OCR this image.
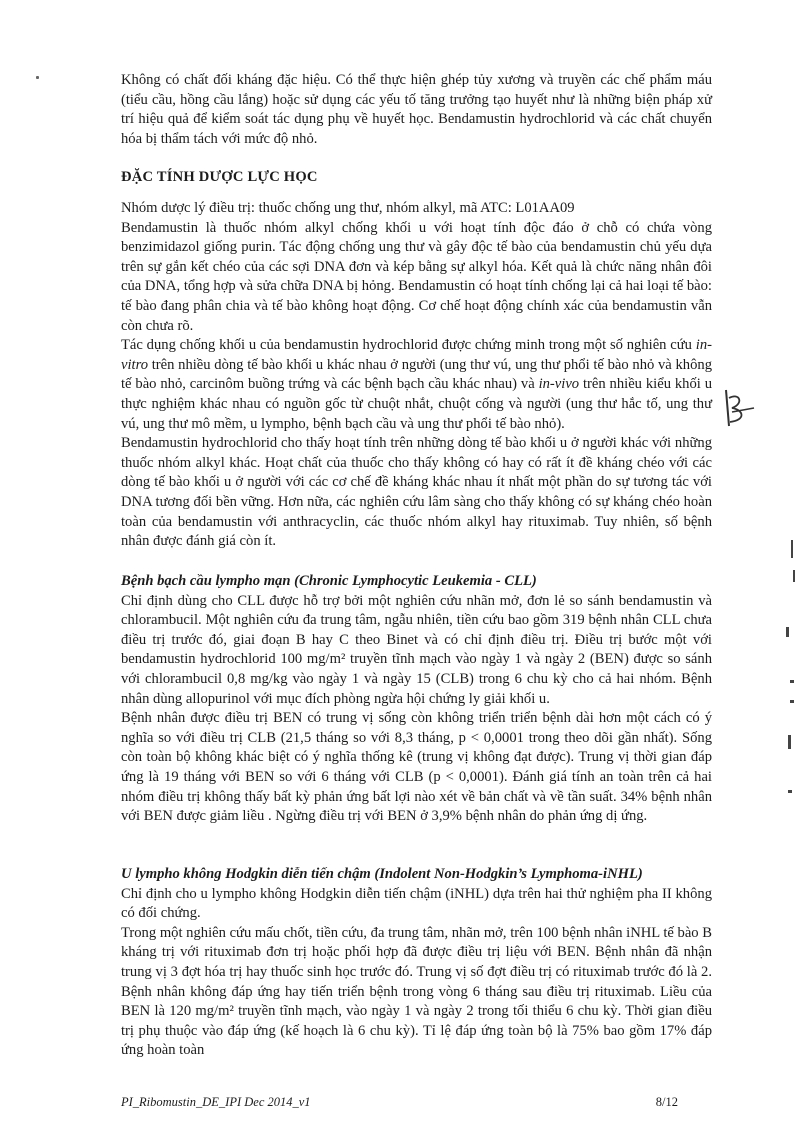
Không có chất đối kháng đặc hiệu. Có thể thực hiện ghép tủy xương và truyền các chế phẩm máu (tiểu cầu, hồng cầu lắng) hoặc sử dụng các yếu tố tăng trưởng tạo huyết như là những biện pháp xử trí hiệu quả để kiểm soát tác dụng phụ về huyết học. Bendamustin hydrochlorid và các chất chuyển hóa bị thẩm tách với mức độ nhỏ.

ĐẶC TÍNH DƯỢC LỰC HỌC

Nhóm dược lý điều trị: thuốc chống ung thư, nhóm alkyl, mã ATC: L01AA09

Bendamustin là thuốc nhóm alkyl chống khối u với hoạt tính độc đáo ở chỗ có chứa vòng benzimidazol giống purin. Tác động chống ung thư và gây độc tế bào của bendamustin chủ yếu dựa trên sự gắn kết chéo của các sợi DNA đơn và kép bằng sự alkyl hóa. Kết quả là chức năng nhân đôi của DNA, tổng hợp và sửa chữa DNA bị hỏng. Bendamustin có hoạt tính chống lại cả hai loại tế bào: tế bào đang phân chia và tế bào không hoạt động. Cơ chế hoạt động chính xác của bendamustin vẫn còn chưa rõ.

Tác dụng chống khối u của bendamustin hydrochlorid được chứng minh trong một số nghiên cứu in-vitro trên nhiều dòng tế bào khối u khác nhau ở người (ung thư vú, ung thư phổi tế bào nhỏ và không tế bào nhỏ, carcinôm buồng trứng và các bệnh bạch cầu khác nhau) và in-vivo trên nhiều kiểu khối u thực nghiệm khác nhau có nguồn gốc từ chuột nhắt, chuột cống và người (ung thư hắc tố, ung thư vú, ung thư mô mềm, u lympho, bệnh bạch cầu và ung thư phổi tế bào nhỏ).

Bendamustin hydrochlorid cho thấy hoạt tính trên những dòng tế bào khối u ở người khác với những thuốc nhóm alkyl khác. Hoạt chất của thuốc cho thấy không có hay có rất ít đề kháng chéo với các dòng tế bào khối u ở người với các cơ chế đề kháng khác nhau ít nhất một phần do sự tương tác với DNA tương đối bền vững. Hơn nữa, các nghiên cứu lâm sàng cho thấy không có sự kháng chéo hoàn toàn của bendamustin với anthracyclin, các thuốc nhóm alkyl hay rituximab. Tuy nhiên, số bệnh nhân được đánh giá còn ít.

Bệnh bạch cầu lympho mạn (Chronic Lymphocytic Leukemia - CLL)

Chỉ định dùng cho CLL được hỗ trợ bởi một nghiên cứu nhãn mở, đơn lẻ so sánh bendamustin và chlorambucil. Một nghiên cứu đa trung tâm, ngẫu nhiên, tiền cứu bao gồm 319 bệnh nhân CLL chưa điều trị trước đó, giai đoạn B hay C theo Binet và có chỉ định điều trị. Điều trị bước một với bendamustin hydrochlorid 100 mg/m² truyền tĩnh mạch vào ngày 1 và ngày 2 (BEN) được so sánh với chlorambucil 0,8 mg/kg vào ngày 1 và ngày 15 (CLB) trong 6 chu kỳ cho cả hai nhóm. Bệnh nhân dùng allopurinol với mục đích phòng ngừa hội chứng ly giải khối u.

Bệnh nhân được điều trị BEN có trung vị sống còn không triển triển bệnh dài hơn một cách có ý nghĩa so với điều trị CLB (21,5 tháng so với 8,3 tháng, p < 0,0001 trong theo dõi gần nhất). Sống còn toàn bộ không khác biệt có ý nghĩa thống kê (trung vị không đạt được). Trung vị thời gian đáp ứng là 19 tháng với BEN so với 6 tháng với CLB (p < 0,0001). Đánh giá tính an toàn trên cả hai nhóm điều trị không thấy bất kỳ phản ứng bất lợi nào xét về bản chất và về tần suất. 34% bệnh nhân với BEN được giảm liều . Ngừng điều trị với BEN ở 3,9% bệnh nhân do phản ứng dị ứng.

U lympho không Hodgkin diễn tiến chậm (Indolent Non-Hodgkin’s Lymphoma-iNHL)

Chỉ định cho u lympho không Hodgkin diễn tiến chậm (iNHL) dựa trên hai thử nghiệm pha II không có đối chứng.

Trong một nghiên cứu mấu chốt, tiền cứu, đa trung tâm, nhãn mở, trên 100 bệnh nhân iNHL tế bào B kháng trị với rituximab đơn trị hoặc phối hợp đã được điều trị liệu với BEN. Bệnh nhân đã nhận trung vị 3 đợt hóa trị hay thuốc sinh học trước đó. Trung vị số đợt điều trị có rituximab trước đó là 2. Bệnh nhân không đáp ứng hay tiến triển bệnh trong vòng 6 tháng sau điều trị rituximab. Liều của BEN là 120 mg/m² truyền tĩnh mạch, vào ngày 1 và ngày 2 trong tối thiểu 6 chu kỳ. Thời gian điều trị phụ thuộc vào đáp ứng (kế hoạch là 6 chu kỳ). Tỉ lệ đáp ứng toàn bộ là 75% bao gồm 17% đáp ứng hoàn toàn

PI_Ribomustin_DE_IPI Dec 2014_v1	8/12
